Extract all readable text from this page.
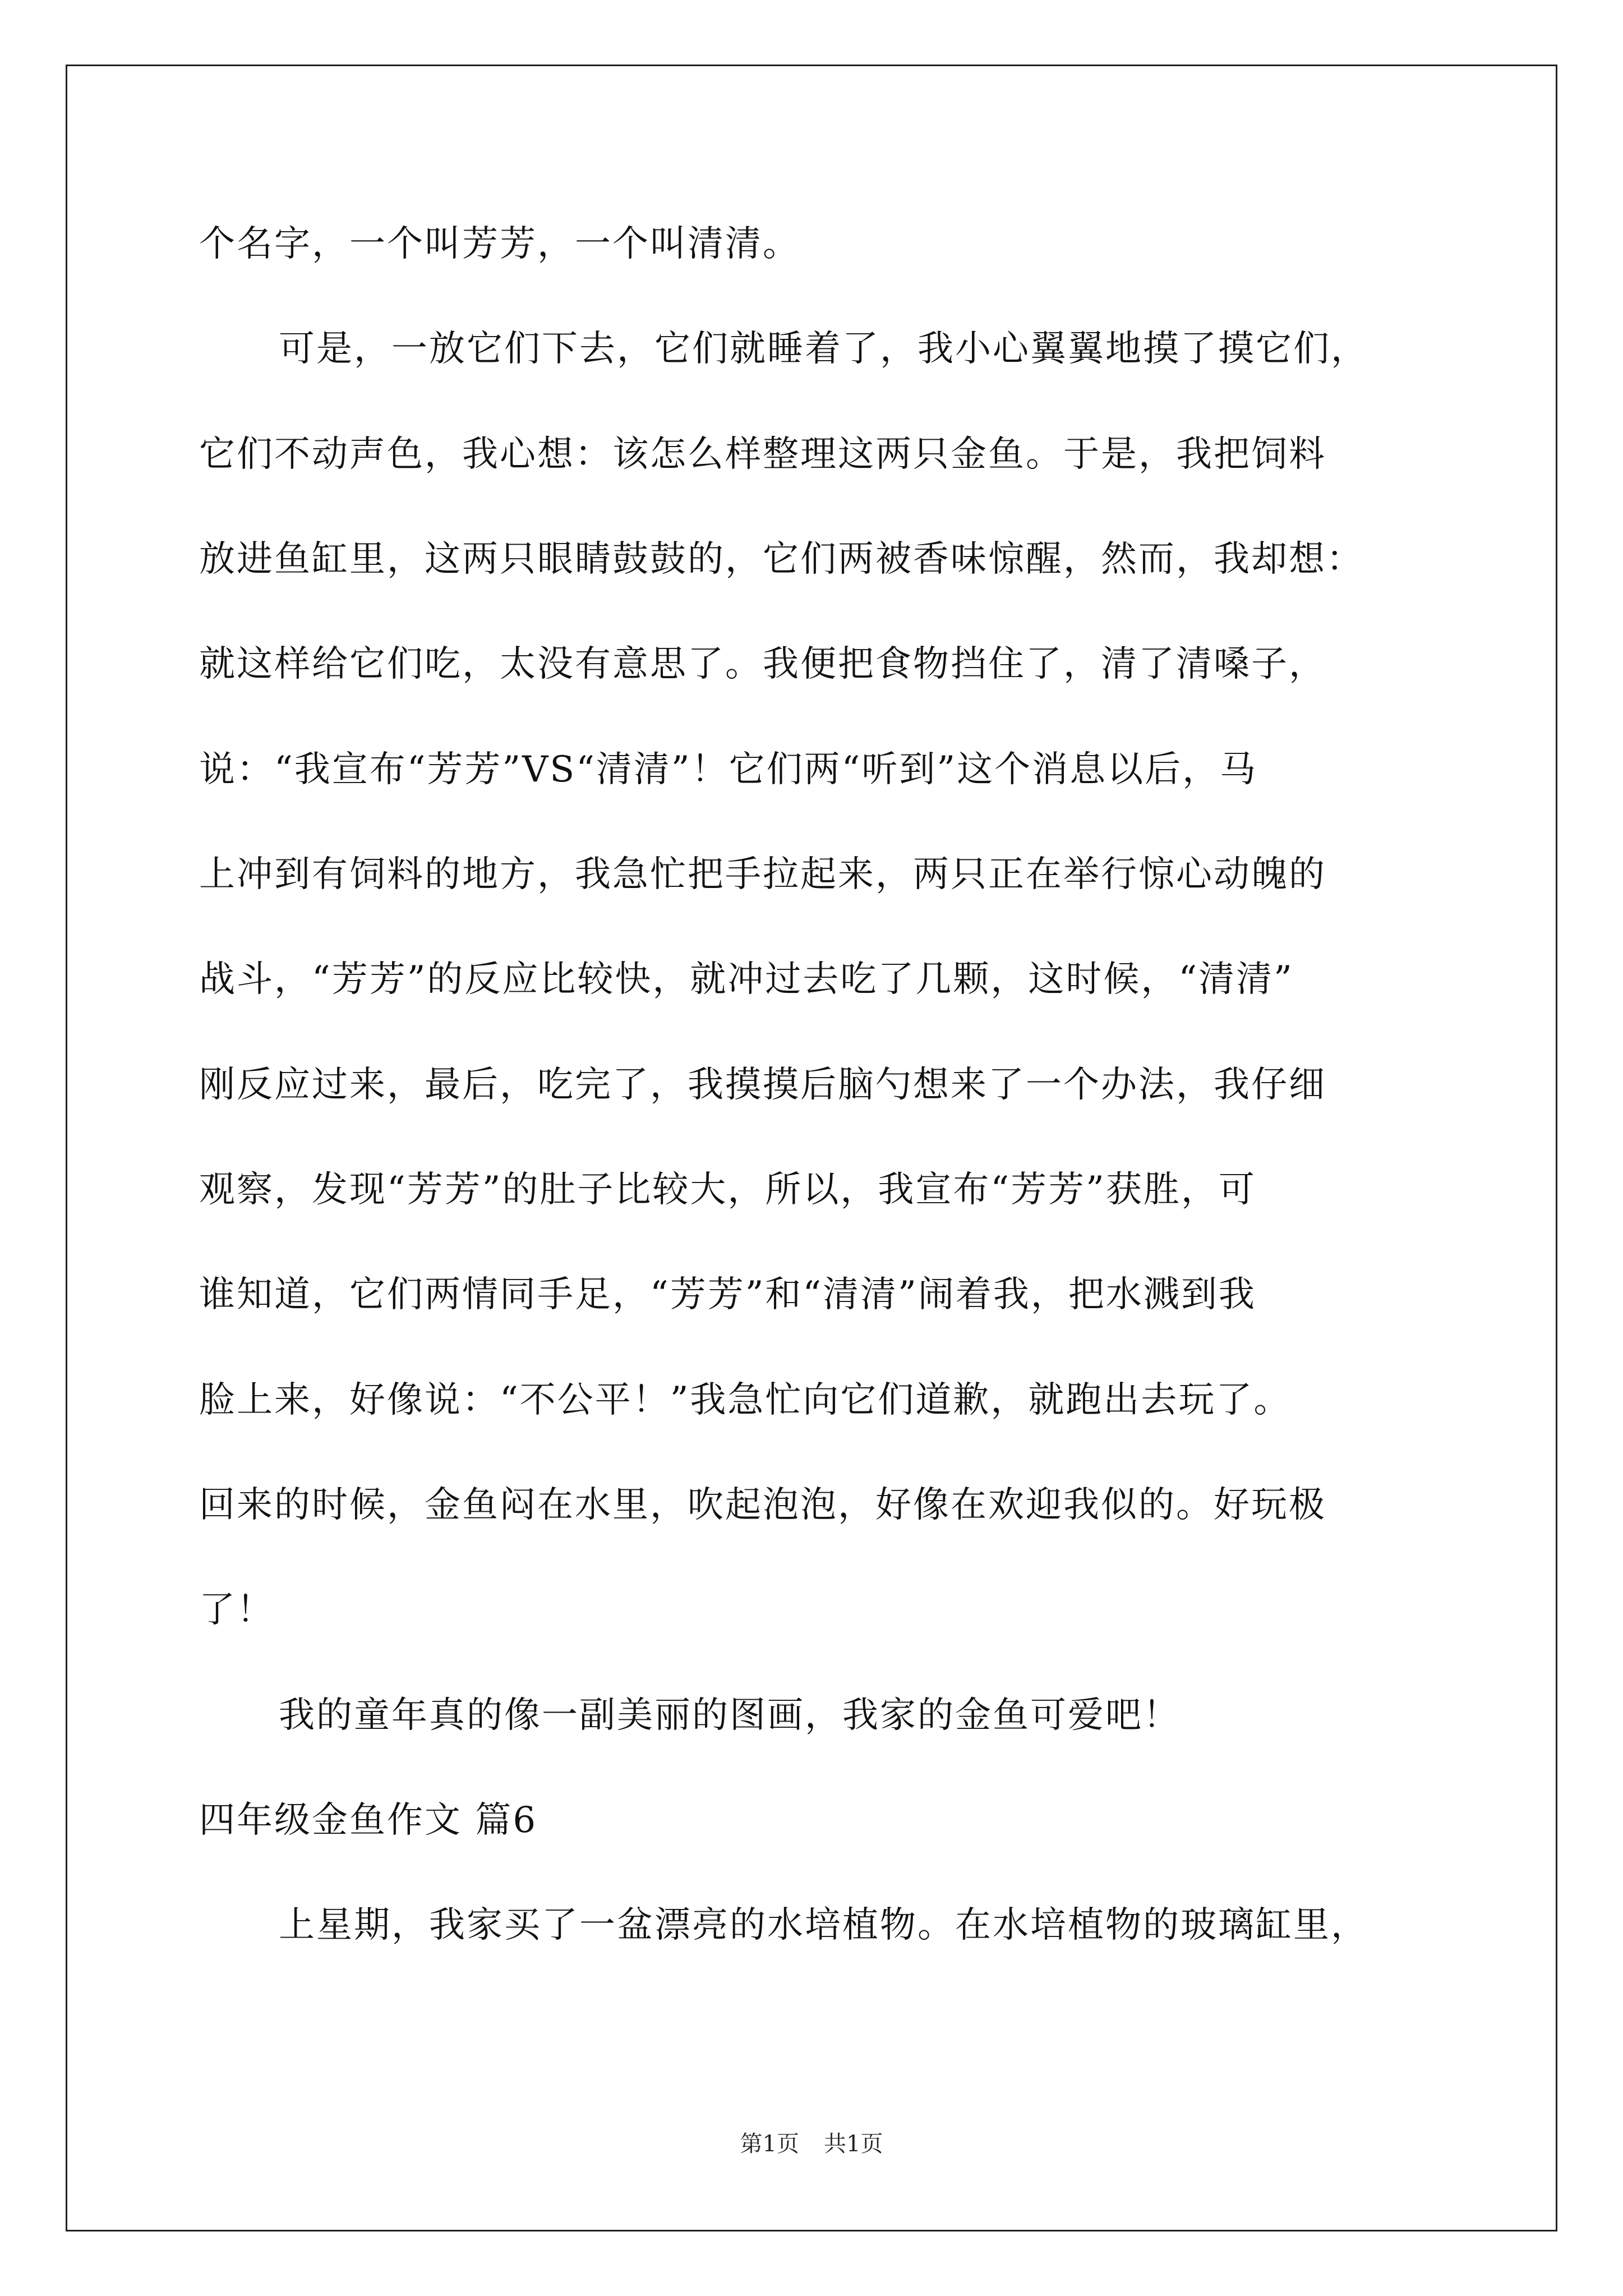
个名字，一个叫芳芳，一个叫清清。
可是，一放它们下去，它们就睡着了，我小心翼翼地摸了摸它们，
它们不动声色，我心想：该怎么样整理这两只金鱼。于是，我把饲料
放进鱼缸里，这两只眼睛鼓鼓的，它们两被香味惊醒，然而，我却想：
就这样给它们吃，太没有意思了。我便把食物挡住了，清了清嗓子，
说：“我宣布“芳芳”VS“清清”！它们两“听到”这个消息以后，马
上冲到有饲料的地方，我急忙把手拉起来，两只正在举行惊心动魄的
战斗，“芳芳”的反应比较快，就冲过去吃了几颗，这时候，“清清”
刚反应过来，最后，吃完了，我摸摸后脑勺想来了一个办法，我仔细
观察，发现“芳芳”的肚子比较大，所以，我宣布“芳芳”获胜，可
谁知道，它们两情同手足，“芳芳”和“清清”闹着我，把水溅到我
脸上来，好像说：“不公平！”我急忙向它们道歉，就跑出去玩了。
回来的时候，金鱼闷在水里，吹起泡泡，好像在欢迎我似的。好玩极
了！
我的童年真的像一副美丽的图画，我家的金鱼可爱吧！
四年级金鱼作文 篇6
上星期，我家买了一盆漂亮的水培植物。在水培植物的玻璃缸里，
第1页 共1页
